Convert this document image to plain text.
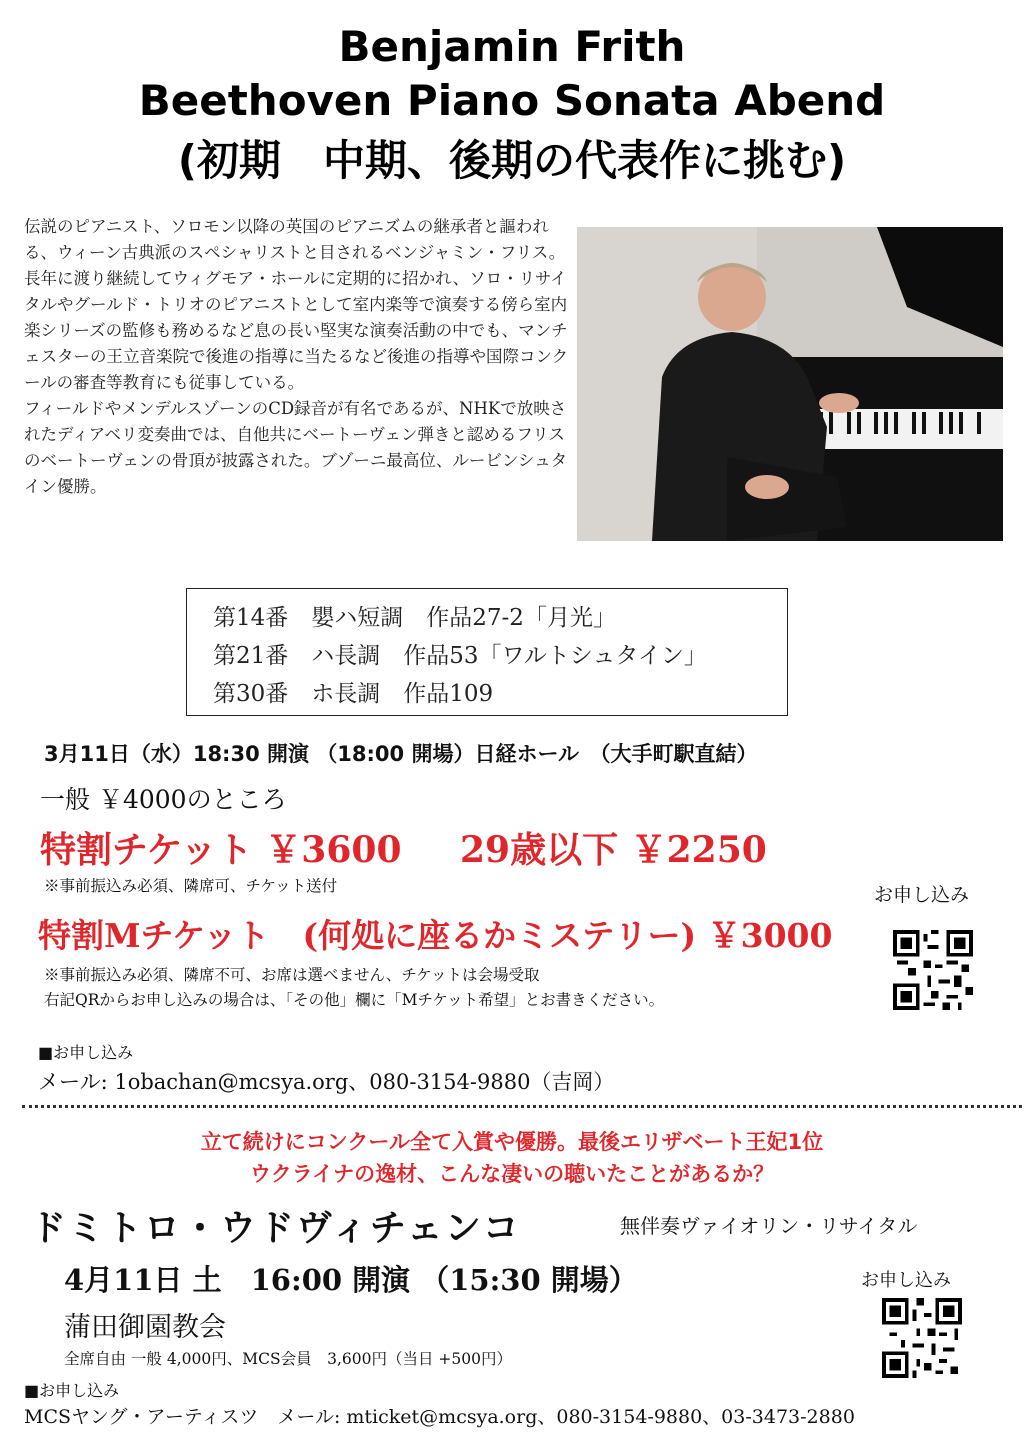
Benjamin Frith
Beethoven Piano Sonata Abend
(初期　中期、後期の代表作に挑む)

伝説のピアニスト、ソロモン以降の英国のピアニズムの継承者と謳われる、ウィーン古典派のスペシャリストと目されるベンジャミン・フリス。

長年に渡り継続してウィグモア・ホールに定期的に招かれ、ソロ・リサイタルやグールド・トリオのピアニストとして室内楽等で演奏する傍ら室内楽シリーズの監修も務めるなど息の長い堅実な演奏活動の中でも、マンチェスターの王立音楽院で後進の指導に当たるなど後進の指導や国際コンクールの審査等教育にも従事している。

フィールドやメンデルスゾーンのCD録音が有名であるが、NHKで放映されたディアベリ変奏曲では、自他共にベートーヴェン弾きと認めるフリスのベートーヴェンの骨頂が披露された。ブゾーニ最高位、ルービンシュタイン優勝。

第14番　嬰ハ短調　作品27-2「月光」
第21番　ハ長調　作品53「ワルトシュタイン」
第30番　ホ長調　作品109
3月11日（水）18:30 開演 （18:00 開場）日経ホール　（大手町駅直結）
一般 ￥4000のところ
特割チケット ￥3600 29歳以下 ￥2250
※事前振込み必須、隣席可、チケット送付
特割Mチケット　(何処に座るかミステリー) ￥3000
※事前振込み必須、隣席不可、お席は選べません、チケットは会場受取
右記QRからお申し込みの場合は、「その他」欄に「Mチケット希望」とお書きください。
お申し込み
■お申し込み
メール: 1obachan@mcsya.org、080-3154-9880（吉岡）
立て続けにコンクール全て入賞や優勝。最後エリザベート王妃1位
ウクライナの逸材、こんな凄いの聴いたことがあるか？
ドミトロ・ウドヴィチェンコ	無伴奏ヴァイオリン・リサイタル
4月11日 土　16:00 開演 （15:30 開場）
蒲田御園教会
全席自由 一般 4,000円、MCS会員　3,600円（当日 +500円）
お申し込み
■お申し込み
MCSヤング・アーティスツ　メール: mticket@mcsya.org、080-3154-9880、03-3473-2880
